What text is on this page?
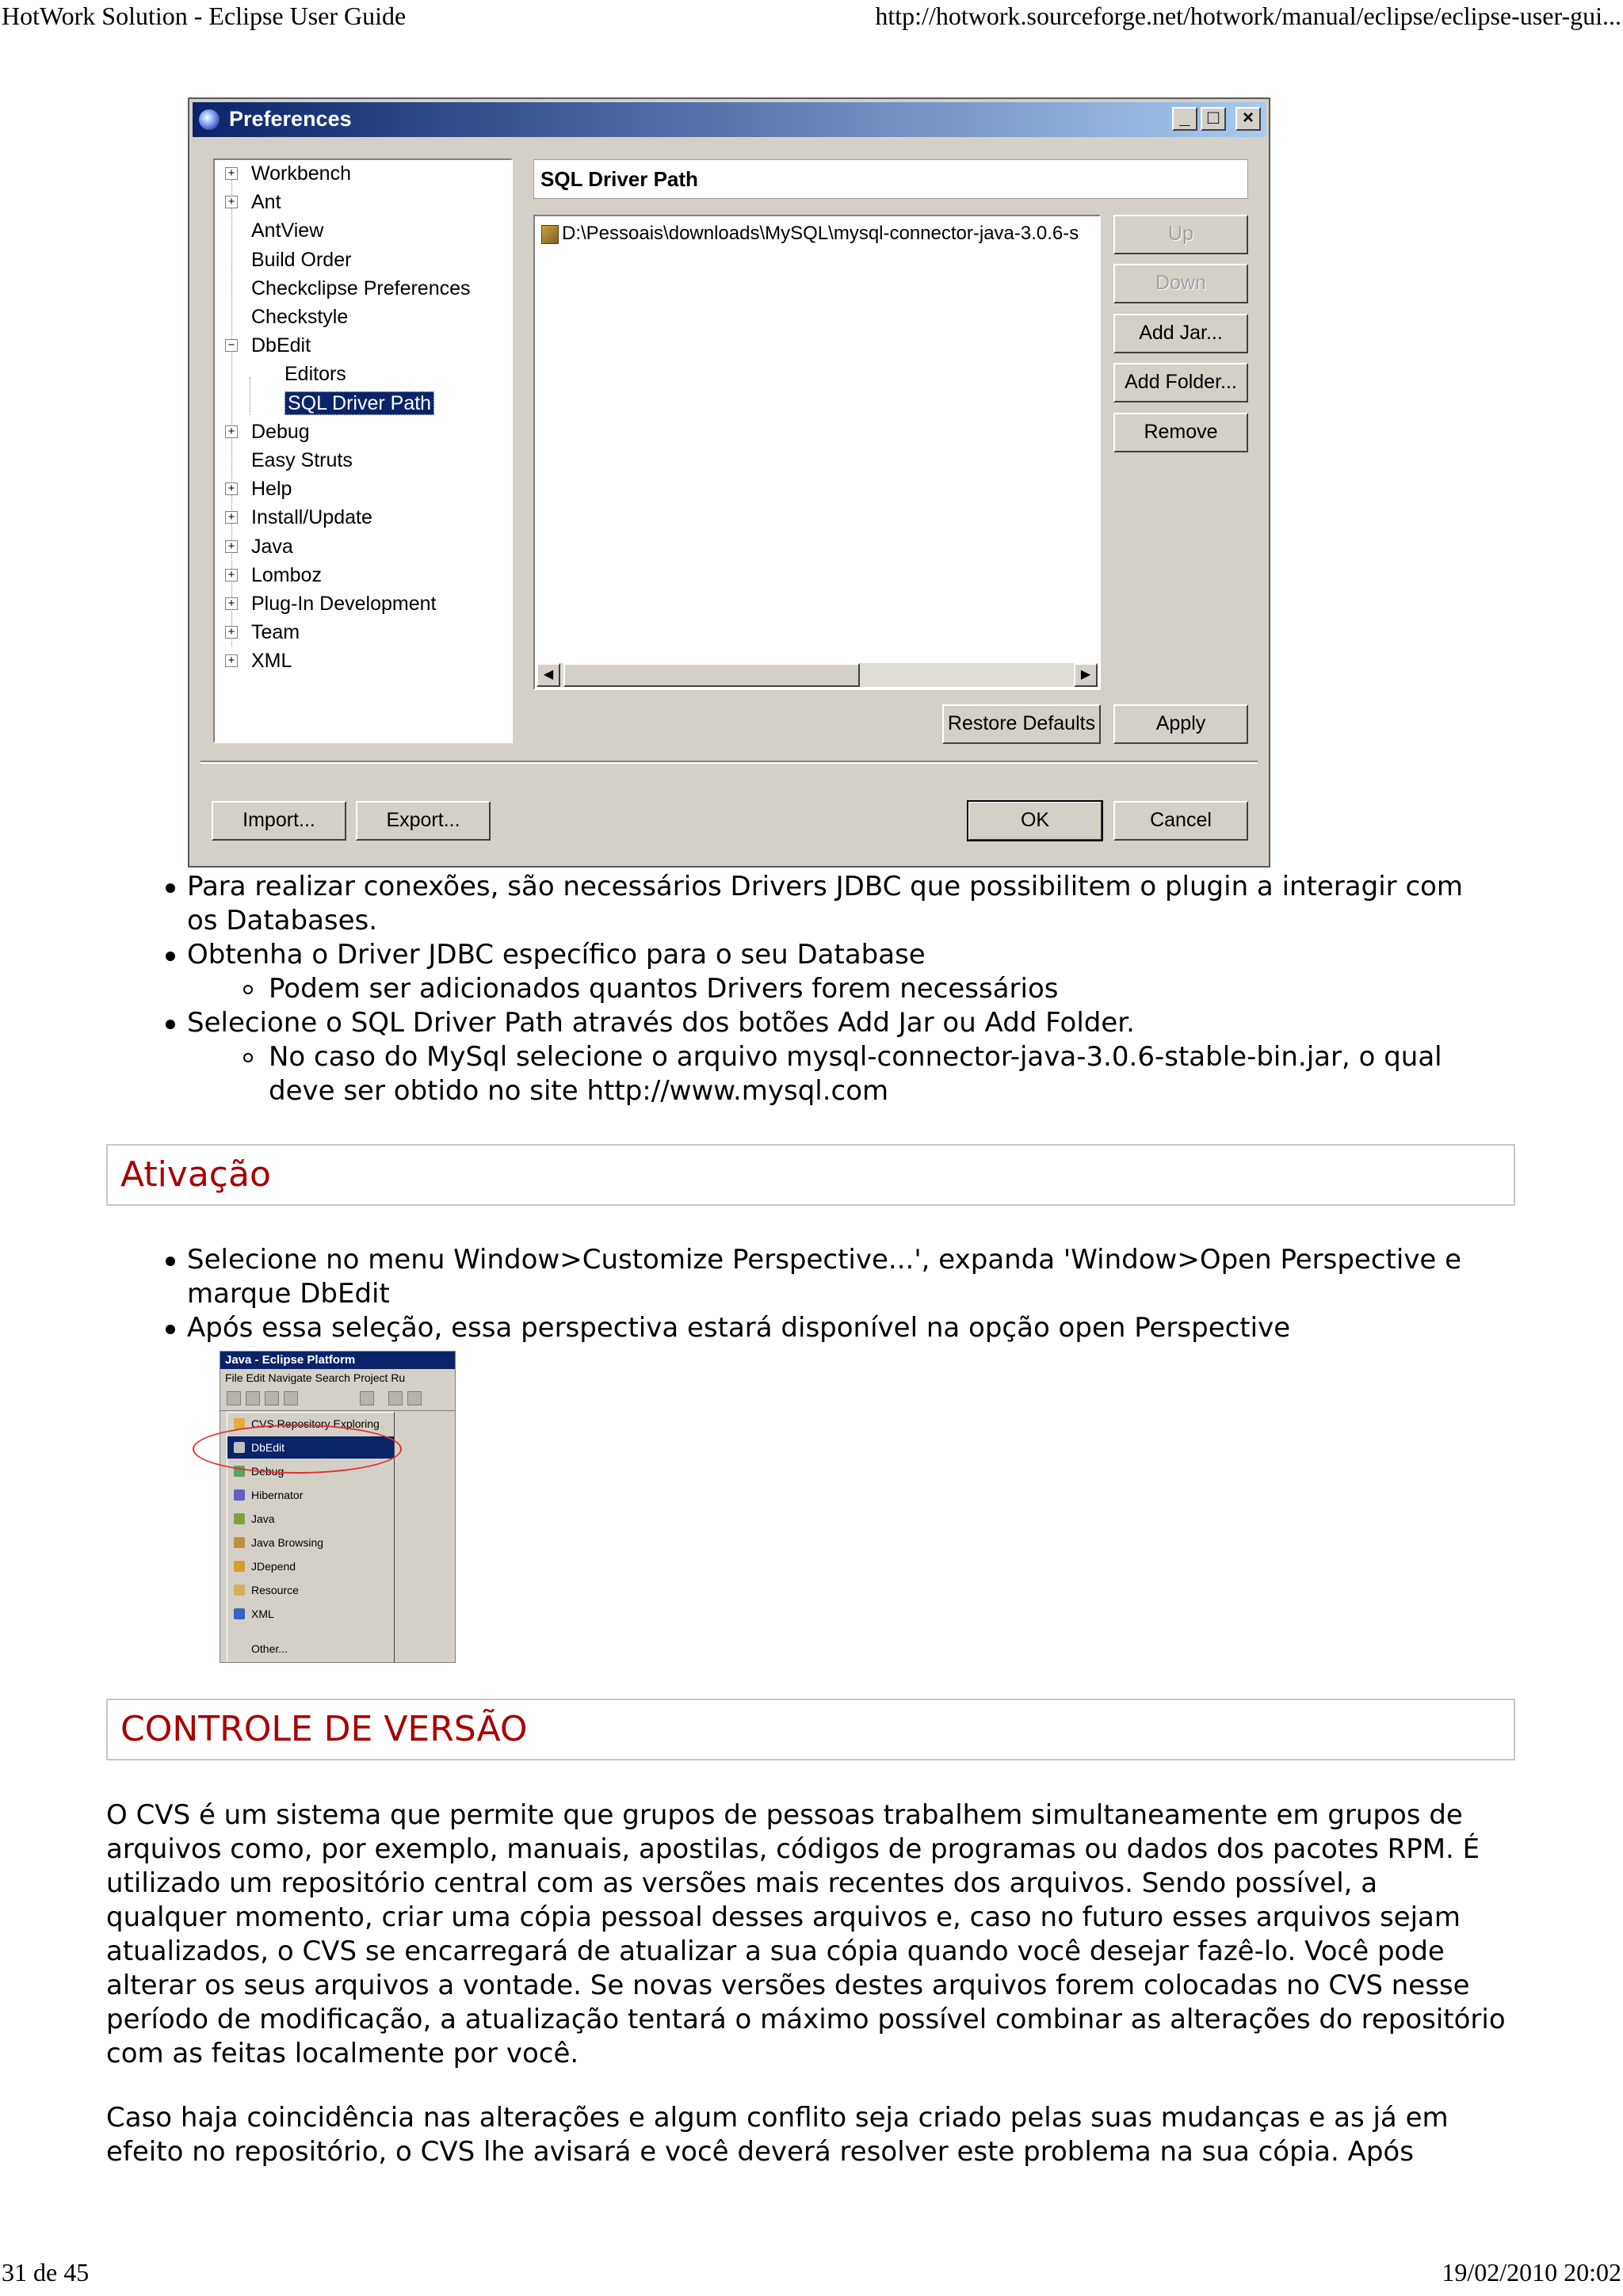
HotWork Solution - Eclipse User Guide	http://hotwork.sourceforge.net/hotwork/manual/eclipse/eclipse-user-gui...
31 de 45	19/02/2010 20:02
Preferences	_ □	×
Workbench
+
Ant
+
AntView
Build Order
Checkclipse Preferences
Checkstyle
DbEdit
−
Editors
SQL Driver Path
Debug
+
Easy Struts
Help
+
Install/Update
+
Java
+
Lomboz
+
Plug-In Development
+
Team
+
XML
+
SQL Driver Path
D:\Pessoais\downloads\MySQL\mysql-connector-java-3.0.6-s
◀	▶
Up
Down
Add Jar...
Add Folder...
Remove
Restore Defaults	Apply
Import...	Export...	OK	Cancel
Para realizar conexões, são necessários Drivers JDBC que possibilitem o plugin a interagir com
os Databases.
Obtenha o Driver JDBC específico para o seu Database
Podem ser adicionados quantos Drivers forem necessários
Selecione o SQL Driver Path através dos botões Add Jar ou Add Folder.
No caso do MySql selecione o arquivo mysql-connector-java-3.0.6-stable-bin.jar, o qual
deve ser obtido no site http://www.mysql.com
Ativação
Selecione no menu Window>Customize Perspective...', expanda 'Window>Open Perspective e
marque DbEdit
Após essa seleção, essa perspectiva estará disponível na opção open Perspective
Java - Eclipse Platform
File Edit Navigate Search Project Ru
CVS Repository Exploring
DbEdit
Debug
Hibernator
Java
Java Browsing
JDepend
Resource
XML
Other...
CONTROLE DE VERSÃO
O CVS é um sistema que permite que grupos de pessoas trabalhem simultaneamente em grupos de
arquivos como, por exemplo, manuais, apostilas, códigos de programas ou dados dos pacotes RPM. É
utilizado um repositório central com as versões mais recentes dos arquivos. Sendo possível, a
qualquer momento, criar uma cópia pessoal desses arquivos e, caso no futuro esses arquivos sejam
atualizados, o CVS se encarregará de atualizar a sua cópia quando você desejar fazê-lo. Você pode
alterar os seus arquivos a vontade. Se novas versões destes arquivos forem colocadas no CVS nesse
período de modificação, a atualização tentará o máximo possível combinar as alterações do repositório
com as feitas localmente por você.
Caso haja coincidência nas alterações e algum conflito seja criado pelas suas mudanças e as já em
efeito no repositório, o CVS lhe avisará e você deverá resolver este problema na sua cópia. Após
